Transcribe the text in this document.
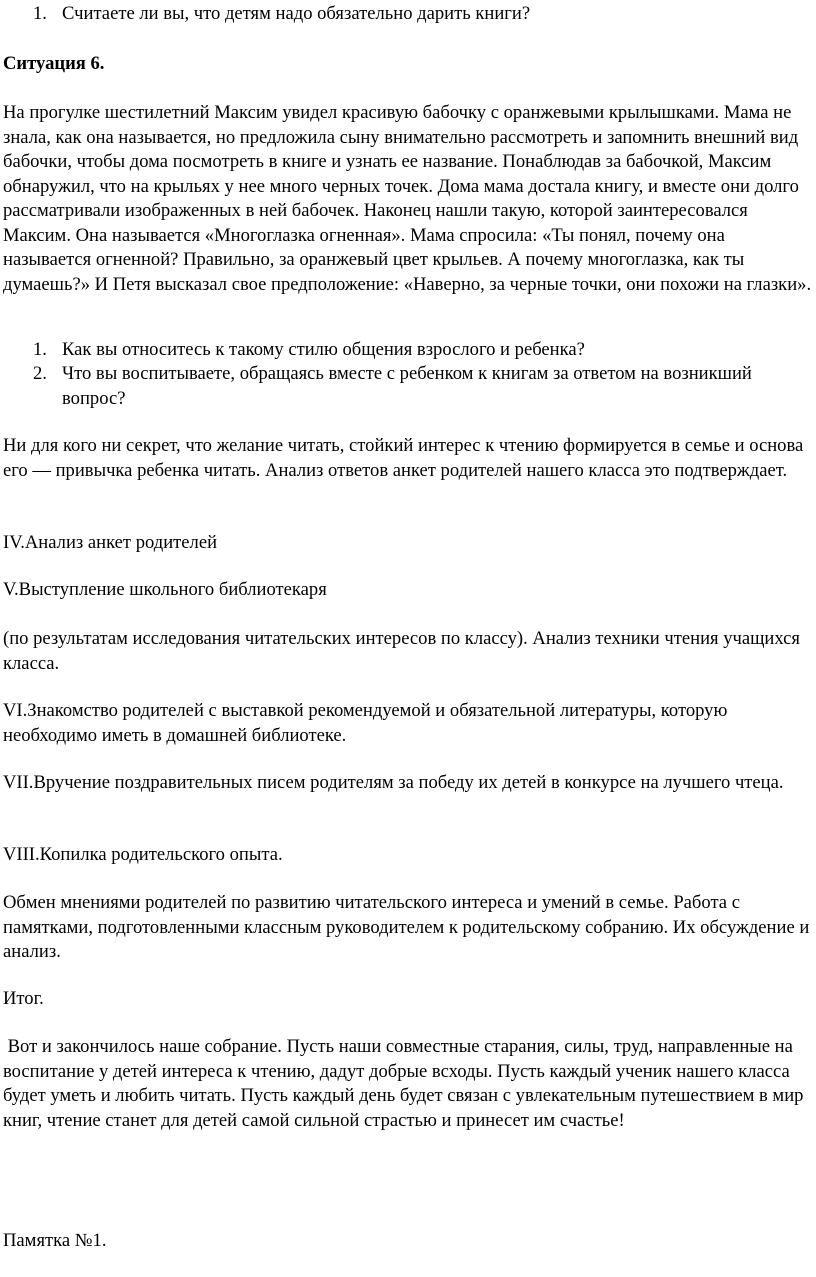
1. Считаете ли вы, что детям надо обязательно дарить книги?

Ситуация 6.

На прогулке шестилетний Максим увидел красивую бабочку с оранжевыми крылышками. Мама не знала, как она называется, но предложила сыну внимательно рассмотреть и запомнить внешний вид бабочки, чтобы дома посмотреть в книге и узнать ее название. Понаблюдав за бабочкой, Максим обнаружил, что на крыльях у нее много черных точек. Дома мама достала книгу, и вместе они долго рассматривали изображенных в ней бабочек. Наконец нашли такую, которой заинтересовался Максим. Она называется «Многоглазка огненная». Мама спросила: «Ты понял, почему она называется огненной? Правильно, за оранжевый цвет крыльев. А почему многоглазка, как ты думаешь?» И Петя высказал свое предположение: «Наверно, за черные точки, они похожи на глазки».

1. Как вы относитесь к такому стилю общения взрослого и ребенка?
2. Что вы воспитываете, обращаясь вместе с ребенком к книгам за ответом на возникший вопрос?

Ни для кого ни секрет, что желание читать, стойкий интерес к чтению формируется в семье и основа его — привычка ребенка читать. Анализ ответов анкет родителей нашего класса это подтверждает.

IV.Анализ анкет родителей

V.Выступление школьного библиотекаря

(по результатам исследования читательских интересов по классу). Анализ техники чтения учащихся класса.

VI.Знакомство родителей с выставкой рекомендуемой и обязательной литературы, которую необходимо иметь в домашней библиотеке.

VII.Вручение поздравительных писем родителям за победу их детей в конкурсе на лучшего чтеца.

VIII.Копилка родительского опыта.

Обмен мнениями родителей по развитию читательского интереса и умений в семье. Работа с памятками, подготовленными классным руководителем к родительскому собранию. Их обсуждение и анализ.

Итог.

Вот и закончилось наше собрание. Пусть наши совместные старания, силы, труд, направленные на воспитание у детей интереса к чтению, дадут добрые всходы. Пусть каждый ученик нашего класса будет уметь и любить читать. Пусть каждый день будет связан с увлекательным путешествием в мир книг, чтение станет для детей самой сильной страстью и принесет им счастье!

Памятка №1.
